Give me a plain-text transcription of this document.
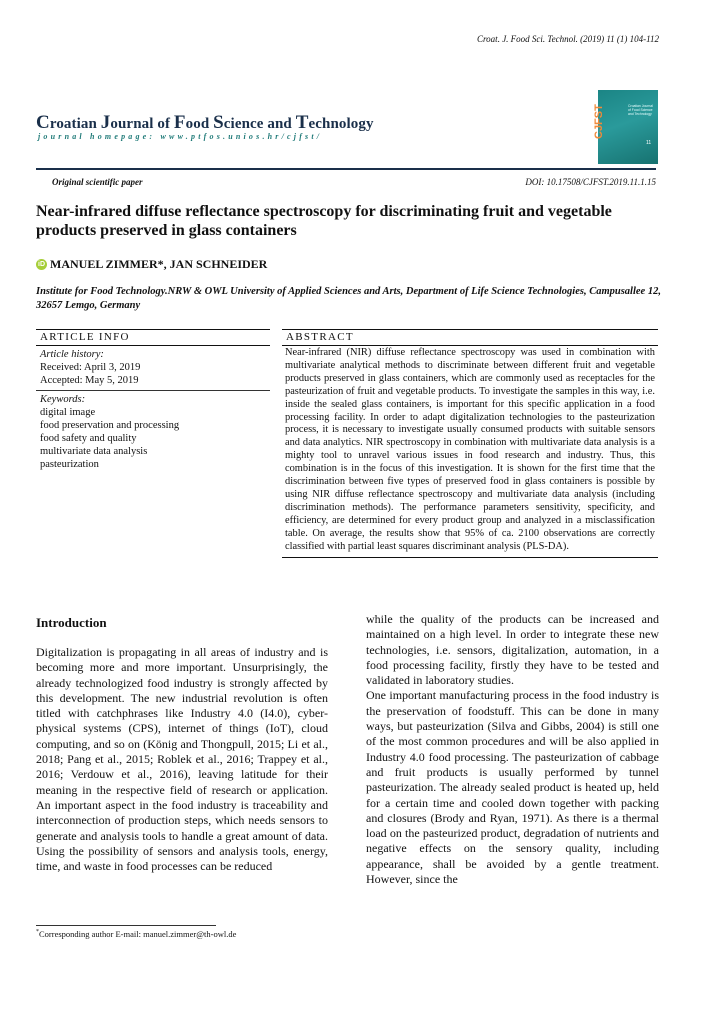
Croat. J. Food Sci. Technol. (2019) 11 (1) 104-112
Croatian Journal of Food Science and Technology
journal homepage: www.ptfos.unios.hr/cjfst/	CJFST	Croatian Journal of Food Science and Technology
11
Original scientific paper	DOI: 10.17508/CJFST.2019.11.1.15
Near-infrared diffuse reflectance spectroscopy for discriminating fruit and vegetable products preserved in glass containers
iD MANUEL ZIMMER*, JAN SCHNEIDER
Institute for Food Technology.NRW & OWL University of Applied Sciences and Arts, Department of Life Science Technologies, Campusallee 12, 32657 Lemgo, Germany
ARTICLE INFO
Article history:
Received: April 3, 2019
Accepted: May 5, 2019
Keywords:
digital image
food preservation and processing
food safety and quality
multivariate data analysis
pasteurization
ABSTRACT
Near-infrared (NIR) diffuse reflectance spectroscopy was used in combination with multivariate analytical methods to discriminate between different fruit and vegetable products preserved in glass containers, which are commonly used as receptacles for the pasteurization of fruit and vegetable products. To investigate the samples in this way, i.e. inside the sealed glass containers, is important for this specific application in a food processing facility. In order to adapt digitalization technologies to the pasteurization process, it is necessary to investigate usually consumed products with suitable sensors and data analytics. NIR spectroscopy in combination with multivariate data analysis is a mighty tool to unravel various issues in food research and industry. Thus, this combination is in the focus of this investigation. It is shown for the first time that the discrimination between five types of preserved food in glass containers is possible by using NIR diffuse reflectance spectroscopy and multivariate data analysis (including discrimination methods). The performance parameters sensitivity, specificity, and efficiency, are determined for every product group and analyzed in a misclassification table. On average, the results show that 95% of ca. 2100 observations are correctly classified with partial least squares discriminant analysis (PLS-DA).
Introduction

Digitalization is propagating in all areas of industry and is becoming more and more important. Unsurprisingly, the already technologized food industry is strongly affected by this development. The new industrial revolution is often titled with catchphrases like Industry 4.0 (I4.0), cyber-physical systems (CPS), internet of things (IoT), cloud computing, and so on (König and Thongpull, 2015; Li et al., 2018; Pang et al., 2015; Roblek et al., 2016; Trappey et al., 2016; Verdouw et al., 2016), leaving latitude for their meaning in the respective field of research or application. An important aspect in the food industry is traceability and interconnection of production steps, which needs sensors to generate and analysis tools to handle a great amount of data. Using the possibility of sensors and analysis tools, energy, time, and waste in food processes can be reduced

while the quality of the products can be increased and maintained on a high level. In order to integrate these new technologies, i.e. sensors, digitalization, automation, in a food processing facility, firstly they have to be tested and validated in laboratory studies.

One important manufacturing process in the food industry is the preservation of foodstuff. This can be done in many ways, but pasteurization (Silva and Gibbs, 2004) is still one of the most common procedures and will be also applied in Industry 4.0 food processing. The pasteurization of cabbage and fruit products is usually performed by tunnel pasteurization. The already sealed product is heated up, held for a certain time and cooled down together with packing and closures (Brody and Ryan, 1971). As there is a thermal load on the pasteurized product, degradation of nutrients and negative effects on the sensory quality, including appearance, shall be avoided by a gentle treatment. However, since the

*Corresponding author E-mail: manuel.zimmer@th-owl.de
